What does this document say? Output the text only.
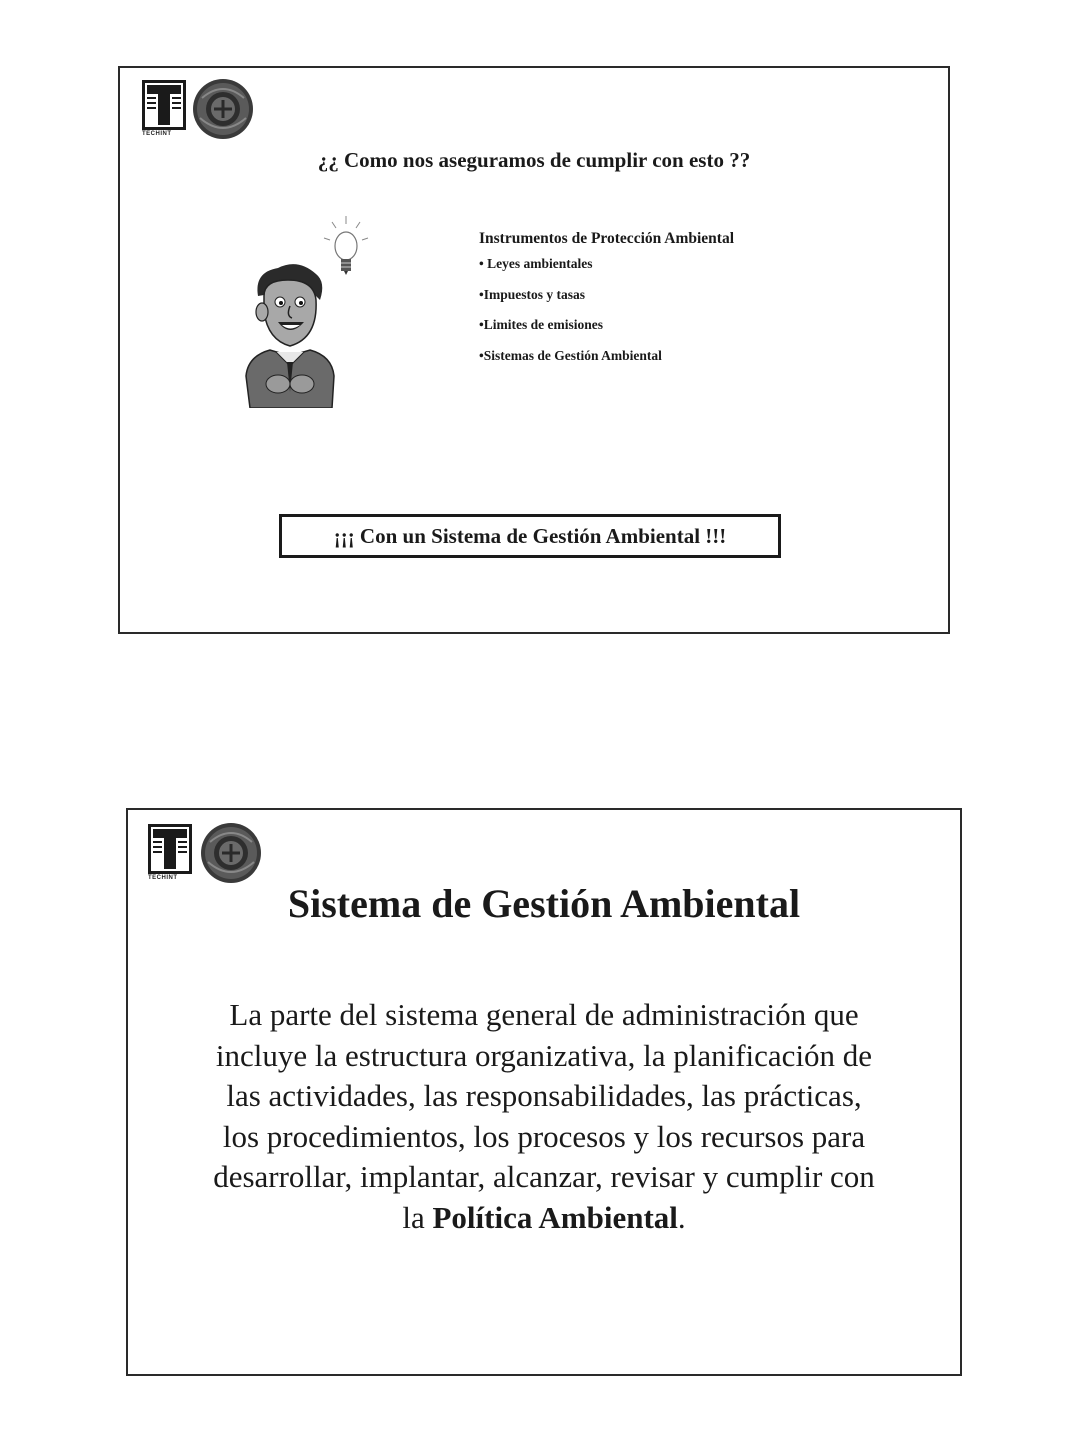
TECHINT
¿¿ Como nos aseguramos de cumplir con esto ??
Instrumentos de Protección Ambiental
• Leyes ambientales
•Impuestos y tasas
•Limites de emisiones
•Sistemas de Gestión Ambiental
¡¡¡ Con un Sistema de Gestión Ambiental !!!
TECHINT
Sistema de Gestión Ambiental
La parte del sistema general de administración que
incluye la estructura organizativa, la planificación de
las actividades, las responsabilidades, las prácticas,
los procedimientos, los procesos y los recursos para
desarrollar, implantar, alcanzar, revisar y cumplir con
la Política Ambiental.
